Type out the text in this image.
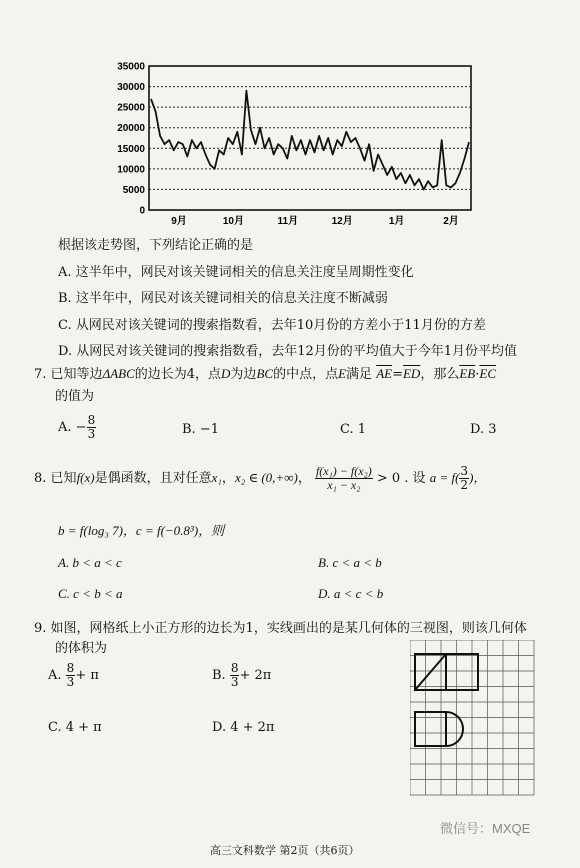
35000
30000
25000
20000
15000
10000
5000
0
9月	10月	11月	12月	1月	2月
根据该走势图，下列结论正确的是
A. 这半年中，网民对该关键词相关的信息关注度呈周期性变化
B. 这半年中，网民对该关键词相关的信息关注度不断减弱
C. 从网民对该关键词的搜索指数看，去年10月份的方差小于11月份的方差
D. 从网民对该关键词的搜索指数看，去年12月份的平均值大于今年1月份平均值
7. 已知等边ΔABC的边长为4，点D为边BC的中点，点E满足 $\overline{AE}=\overline{ED}$，那么$\overline{EB}\cdot\overline{EC}$
的值为
A. − $\frac{8}{3}$	B. −1	C. 1	D. 3
8. 已知f(x)是偶函数，且对任意x₁，x₂ ∈ (0,+∞)， $\frac{\text{f(x₁) − f(x₂)}}{\text{x₁ − x₂}} > 0$ . 设 $a = f( \frac{3}{2}$ )，
b = f(log₃ 7)，c = f(−0.8³)，则
A. b < a < c	B. c < a < b
C. c < b < a	D. a < c < b
9. 如图，网格纸上小正方形的边长为1，实线画出的是某几何体的三视图，则该几何体
的体积为
A. $\frac{8}{3} + \pi$	B. $\frac{8}{3} + 2\pi$
C. 4 + π	D. 4 + 2π
高三文科数学 第2页（共6页）
微信号：MXQE
